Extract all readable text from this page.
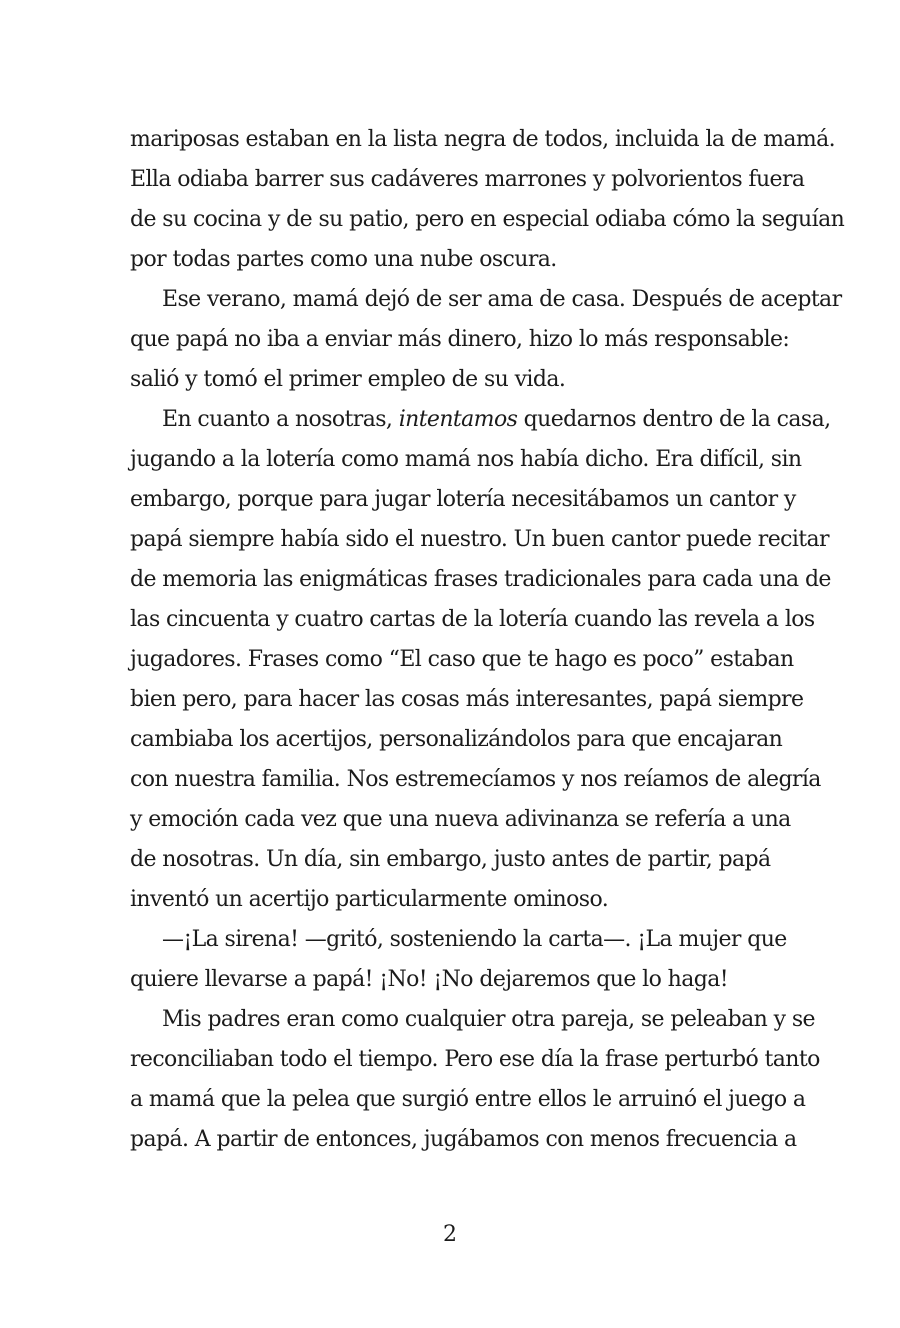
mariposas estaban en la lista negra de todos, incluida la de mamá.
Ella odiaba barrer sus cadáveres marrones y polvorientos fuera
de su cocina y de su patio, pero en especial odiaba cómo la seguían
por todas partes como una nube oscura.
Ese verano, mamá dejó de ser ama de casa. Después de aceptar
que papá no iba a enviar más dinero, hizo lo más responsable:
salió y tomó el primer empleo de su vida.
En cuanto a nosotras, intentamos quedarnos dentro de la casa,
jugando a la lotería como mamá nos había dicho. Era difícil, sin
embargo, porque para jugar lotería necesitábamos un cantor y
papá siempre había sido el nuestro. Un buen cantor puede recitar
de memoria las enigmáticas frases tradicionales para cada una de
las cincuenta y cuatro cartas de la lotería cuando las revela a los
jugadores. Frases como “El caso que te hago es poco” estaban
bien pero, para hacer las cosas más interesantes, papá siempre
cambiaba los acertijos, personalizándolos para que encajaran
con nuestra familia. Nos estremecíamos y nos reíamos de alegría
y emoción cada vez que una nueva adivinanza se refería a una
de nosotras. Un día, sin embargo, justo antes de partir, papá
inventó un acertijo particularmente ominoso.
—¡La sirena! —gritó, sosteniendo la carta—. ¡La mujer que
quiere llevarse a papá! ¡No! ¡No dejaremos que lo haga!
Mis padres eran como cualquier otra pareja, se peleaban y se
reconciliaban todo el tiempo. Pero ese día la frase perturbó tanto
a mamá que la pelea que surgió entre ellos le arruinó el juego a
papá. A partir de entonces, jugábamos con menos frecuencia a
2
